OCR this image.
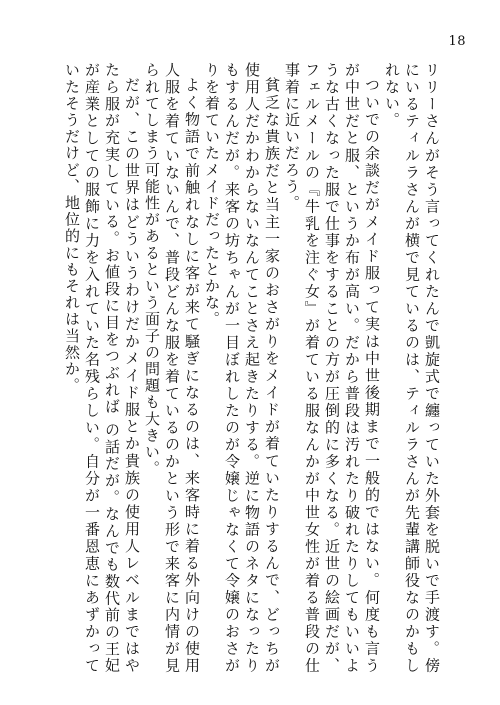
18

リリーさんがそう言ってくれたんで凱旋式で纏っていた外套を脱いで手渡す。傍にいるティルラさんが横で見ているのは、ティルラさんが先輩講師役なのかもしれない。

ついでの余談だがメイド服って実は中世後期まで一般的ではない。何度も言うが中世だと服、というか布が高い。だから普段は汚れたり破れたりしてもいいような古くなった服で仕事をすることの方が圧倒的に多くなる。近世の絵画だが、フェルメールの『牛乳を注ぐ女』が着ている服なんかが中世女性が着る普段の仕事着に近いだろう。

貧乏な貴族だと当主一家のおさがりをメイドが着ていたりするんで、どっちが使用人だかわからないなんてことさえ起きたりする。逆に物語のネタになったりもするんだが。来客の坊ちゃんが一目ぼれしたのが令嬢じゃなくて令嬢のおさがりを着ていたメイドだったとかな。

よく物語で前触れなしに客が来て騒ぎになるのは、来客時に着る外向けの使用人服を着ていないんで、普段どんな服を着ているのかという形で来客に内情が見られてしまう可能性があるという面子の問題も大きい。

だが、この世界はどういうわけだかメイド服とか貴族の使用人レベルまではやたら服が充実している。お値段に目をつぶれば の話だが。なんでも数代前の王妃が産業としての服飾に力を入れていた名残らしい。自分が一番恩恵にあずかっていたそうだけど、地位的にもそれは当然か。
